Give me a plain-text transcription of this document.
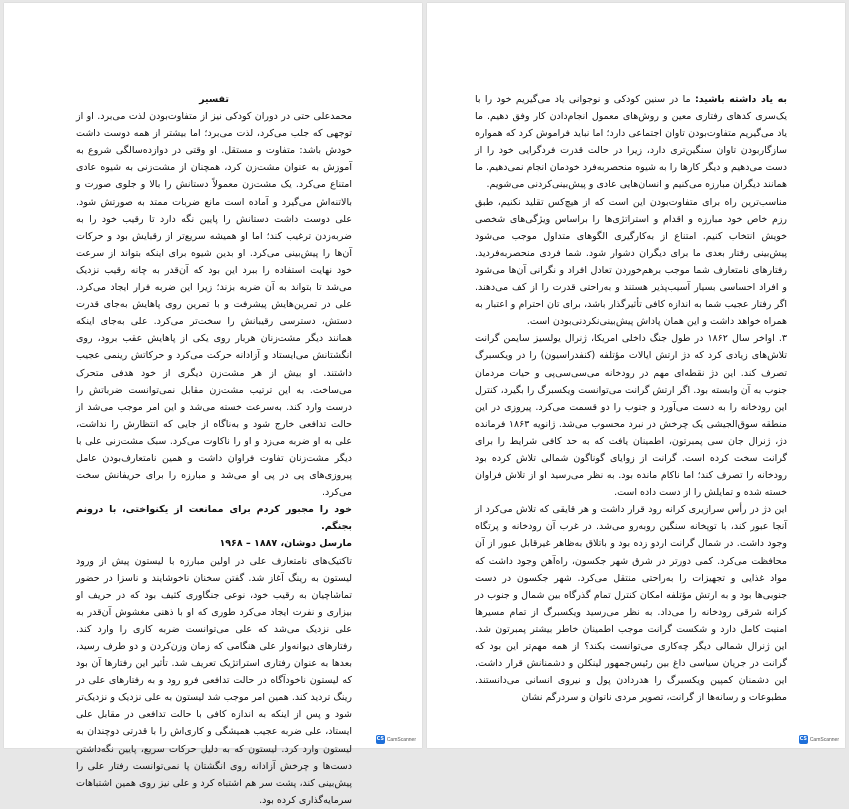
تفسیر

محمدعلی حتی در دوران کودکی نیز از متفاوت‌بودن لذت می‌برد. او از توجهی که جلب می‌کرد، لذت می‌برد؛ اما بیشتر از همه دوست داشت خودش باشد: متفاوت و مستقل. او وقتی در دوازده‌سالگی شروع به آموزش به عنوان مشت‌زن کرد، همچنان از مشت‌زنی به شیوه عادی امتناع می‌کرد. یک مشت‌زن معمولاً دستانش را بالا و جلوی صورت و بالاتنه‌اش می‌گیرد و آماده است مانع ضربات ممتد به صورتش شود. علی دوست داشت دستانش را پایین نگه دارد تا رقیب خود را به ضربه‌زدن ترغیب کند؛ اما او همیشه سریع‌تر از رقبایش بود و حرکات آن‌ها را پیش‌بینی می‌کرد. او بدین شیوه برای اینکه بتواند از سرعت خود نهایت استفاده را ببرد این بود که آن‌قدر به چانه رقیب نزدیک می‌شد تا بتواند به آن ضربه بزند؛ زیرا این ضربه فرار ایجاد می‌کرد. علی در تمرین‌هایش پیشرفت و با تمرین روی پاهایش به‌جای قدرت دستش، دسترسی رقیبانش را سخت‌تر می‌کرد. علی به‌جای اینکه همانند دیگر مشت‌زنان هربار روی یکی از پاهایش عقب برود، روی انگشتانش می‌ایستاد و آزادانه حرکت می‌کرد و حرکاتش رینمی عجیب داشتند. او بیش از هر مشت‌زن دیگری از خود هدفی متحرک می‌ساخت. به این ترتیب مشت‌زن مقابل نمی‌توانست ضرباتش را درست وارد کند. به‌سرعت خسته می‌شد و این امر موجب می‌شد از حالت تدافعی خارج شود و به‌ناگاه از جایی که انتظارش را نداشت، علی به او ضربه می‌زد و او را ناکاوت می‌کرد. سبک مشت‌زنی علی با دیگر مشت‌زنان تفاوت فراوان داشت و همین نامتعارف‌بودن عامل پیروزی‌های پی در پی او می‌شد و مبارزه را برای حریفانش سخت می‌کرد.

خود را مجبور کردم برای ممانعت از یکنواختی، با درونم بجنگم.

مارسل دوشان، ۱۸۸۷ – ۱۹۶۸

تاکتیک‌های نامتعارف علی در اولین مبارزه با لیستون پیش از ورود لیستون به رینگ آغاز شد. گفتن سخنان ناخوشایند و ناسزا در حضور تماشاچیان به رقیب خود، نوعی جنگاوری کثیف بود که در حریف او بیزاری و نفرت ایجاد می‌کرد طوری که او با ذهنی مغشوش آن‌قدر به علی نزدیک می‌شد که علی می‌توانست ضربه کاری را وارد کند. رفتارهای دیوانه‌وار علی هنگامی که زمان وزن‌کردن و دو طرف رسید، بعدها به عنوان رفتاری استراتژیک تعریف شد. تأثیر این رفتارها آن بود که لیستون ناخودآگاه در حالت تدافعی فرو رود و به رفتارهای علی در رینگ تردید کند. همین امر موجب شد لیستون به علی نزدیک و نزدیک‌تر شود و پس از اینکه به اندازه کافی با حالت تدافعی در مقابل علی ایستاد، علی ضربه عجیب همیشگی و کاری‌اش را با قدرتی دوچندان به لیستون وارد کرد. لیستون که به دلیل حرکات سریع، پایین نگه‌داشتن دست‌ها و چرخش آزادانه روی انگشتان پا نمی‌توانست رفتار علی را پیش‌بینی کند، پشت سر هم اشتباه کرد و علی نیز روی همین اشتباهات سرمایه‌گذاری کرده بود.

CS CamScanner

به یاد داشته باشید: ما در سنین کودکی و نوجوانی یاد می‌گیریم خود را با یک‌سری کدهای رفتاری معین و روش‌های معمول انجام‌دادن کار وفق دهیم. ما یاد می‌گیریم متفاوت‌بودن تاوان اجتماعی دارد؛ اما نباید فراموش کرد که همواره سازگاربودن تاوان سنگین‌تری دارد، زیرا در حالت قدرت فردگرایی خود را از دست می‌دهیم و دیگر کارها را به شیوه منحصربه‌فرد خودمان انجام نمی‌دهیم. ما همانند دیگران مبارزه می‌کنیم و انسان‌هایی عادی و پیش‌بینی‌کردنی می‌شویم.

مناسب‌ترین راه برای متفاوت‌بودن این است که از هیچ‌کس تقلید نکنیم، طبق رزم خاص خود مبارزه و اقدام و استراتژی‌ها را براساس ویژگی‌های شخصی خویش انتخاب کنیم. امتناع از به‌کارگیری الگوهای متداول موجب می‌شود پیش‌بینی رفتار بعدی ما برای دیگران دشوار شود. شما فردی منحصربه‌فردید. رفتارهای نامتعارف شما موجب برهم‌خوردن تعادل افراد و نگرانی آن‌ها می‌شود و افراد احساسی بسیار آسیب‌پذیر هستند و به‌راحتی قدرت را از کف می‌دهند. اگر رفتار عجیب شما به اندازه کافی تأثیرگذار باشد، برای تان احترام و اعتبار به همراه خواهد داشت و این همان پاداش پیش‌بینی‌نکردنی‌بودن است.

۳. اواخر سال ۱۸۶۲ در طول جنگ داخلی امریکا، ژنرال یولسیز سایمن گرانت تلاش‌های زیادی کرد که دژ ارتش ایالات مؤتلفه (کنفدراسیون) را در ویکسبرگ تصرف کند. این دژ نقطه‌ای مهم در رودخانه می‌سی‌سی‌پی و حیات مردمان جنوب به آن وابسته بود. اگر ارتش گرانت می‌توانست ویکسبرگ را بگیرد، کنترل این رودخانه را به دست می‌آورد و جنوب را دو قسمت می‌کرد. پیروزی در این منطقه سوق‌الجیشی یک چرخش در نبرد محسوب می‌شد. ژانویه ۱۸۶۳ فرمانده دژ، ژنرال جان سی پمبرتون، اطمینان یافت که به حد کافی شرایط را برای گرانت سخت کرده است. گرانت از زوایای گوناگون شمالی تلاش کرده بود رودخانه را تصرف کند؛ اما ناکام مانده بود. به نظر می‌رسید او از تلاش فراوان خسته شده و تمایلش را از دست داده است.

این دژ در رأس سرازیری کرانه رود قرار داشت و هر قایقی که تلاش می‌کرد از آنجا عبور کند، با توپخانه سنگین روبه‌رو می‌شد. در غرب آن رودخانه و پرتگاه وجود داشت. در شمال گرانت اردو زده بود و باتلاق به‌ظاهر غیرقابل عبور از آن محافظت می‌کرد. کمی دورتر در شرق شهر جکسون، راه‌آهن وجود داشت که مواد غذایی و تجهیزات را به‌راحتی منتقل می‌کرد. شهر جکسون در دست جنوبی‌ها بود و به ارتش مؤتلفه امکان کنترل تمام گذرگاه بین شمال و جنوب در کرانه شرقی رودخانه را می‌داد. به نظر می‌رسید ویکسبرگ از تمام مسیرها امنیت کامل دارد و شکست گرانت موجب اطمینان خاطر بیشتر پمبرتون شد. این ژنرال شمالی دیگر چه‌کاری می‌توانست بکند؟ از همه مهم‌تر این بود که گرانت در جریان سیاسی داغ بین رئیس‌جمهور لینکلن و دشمنانش قرار داشت. این دشمنان کمپین ویکسبرگ را هدردادن پول و نیروی انسانی می‌دانستند. مطبوعات و رسانه‌ها از گرانت، تصویر مردی ناتوان و سردرگم نشان

CS CamScanner
